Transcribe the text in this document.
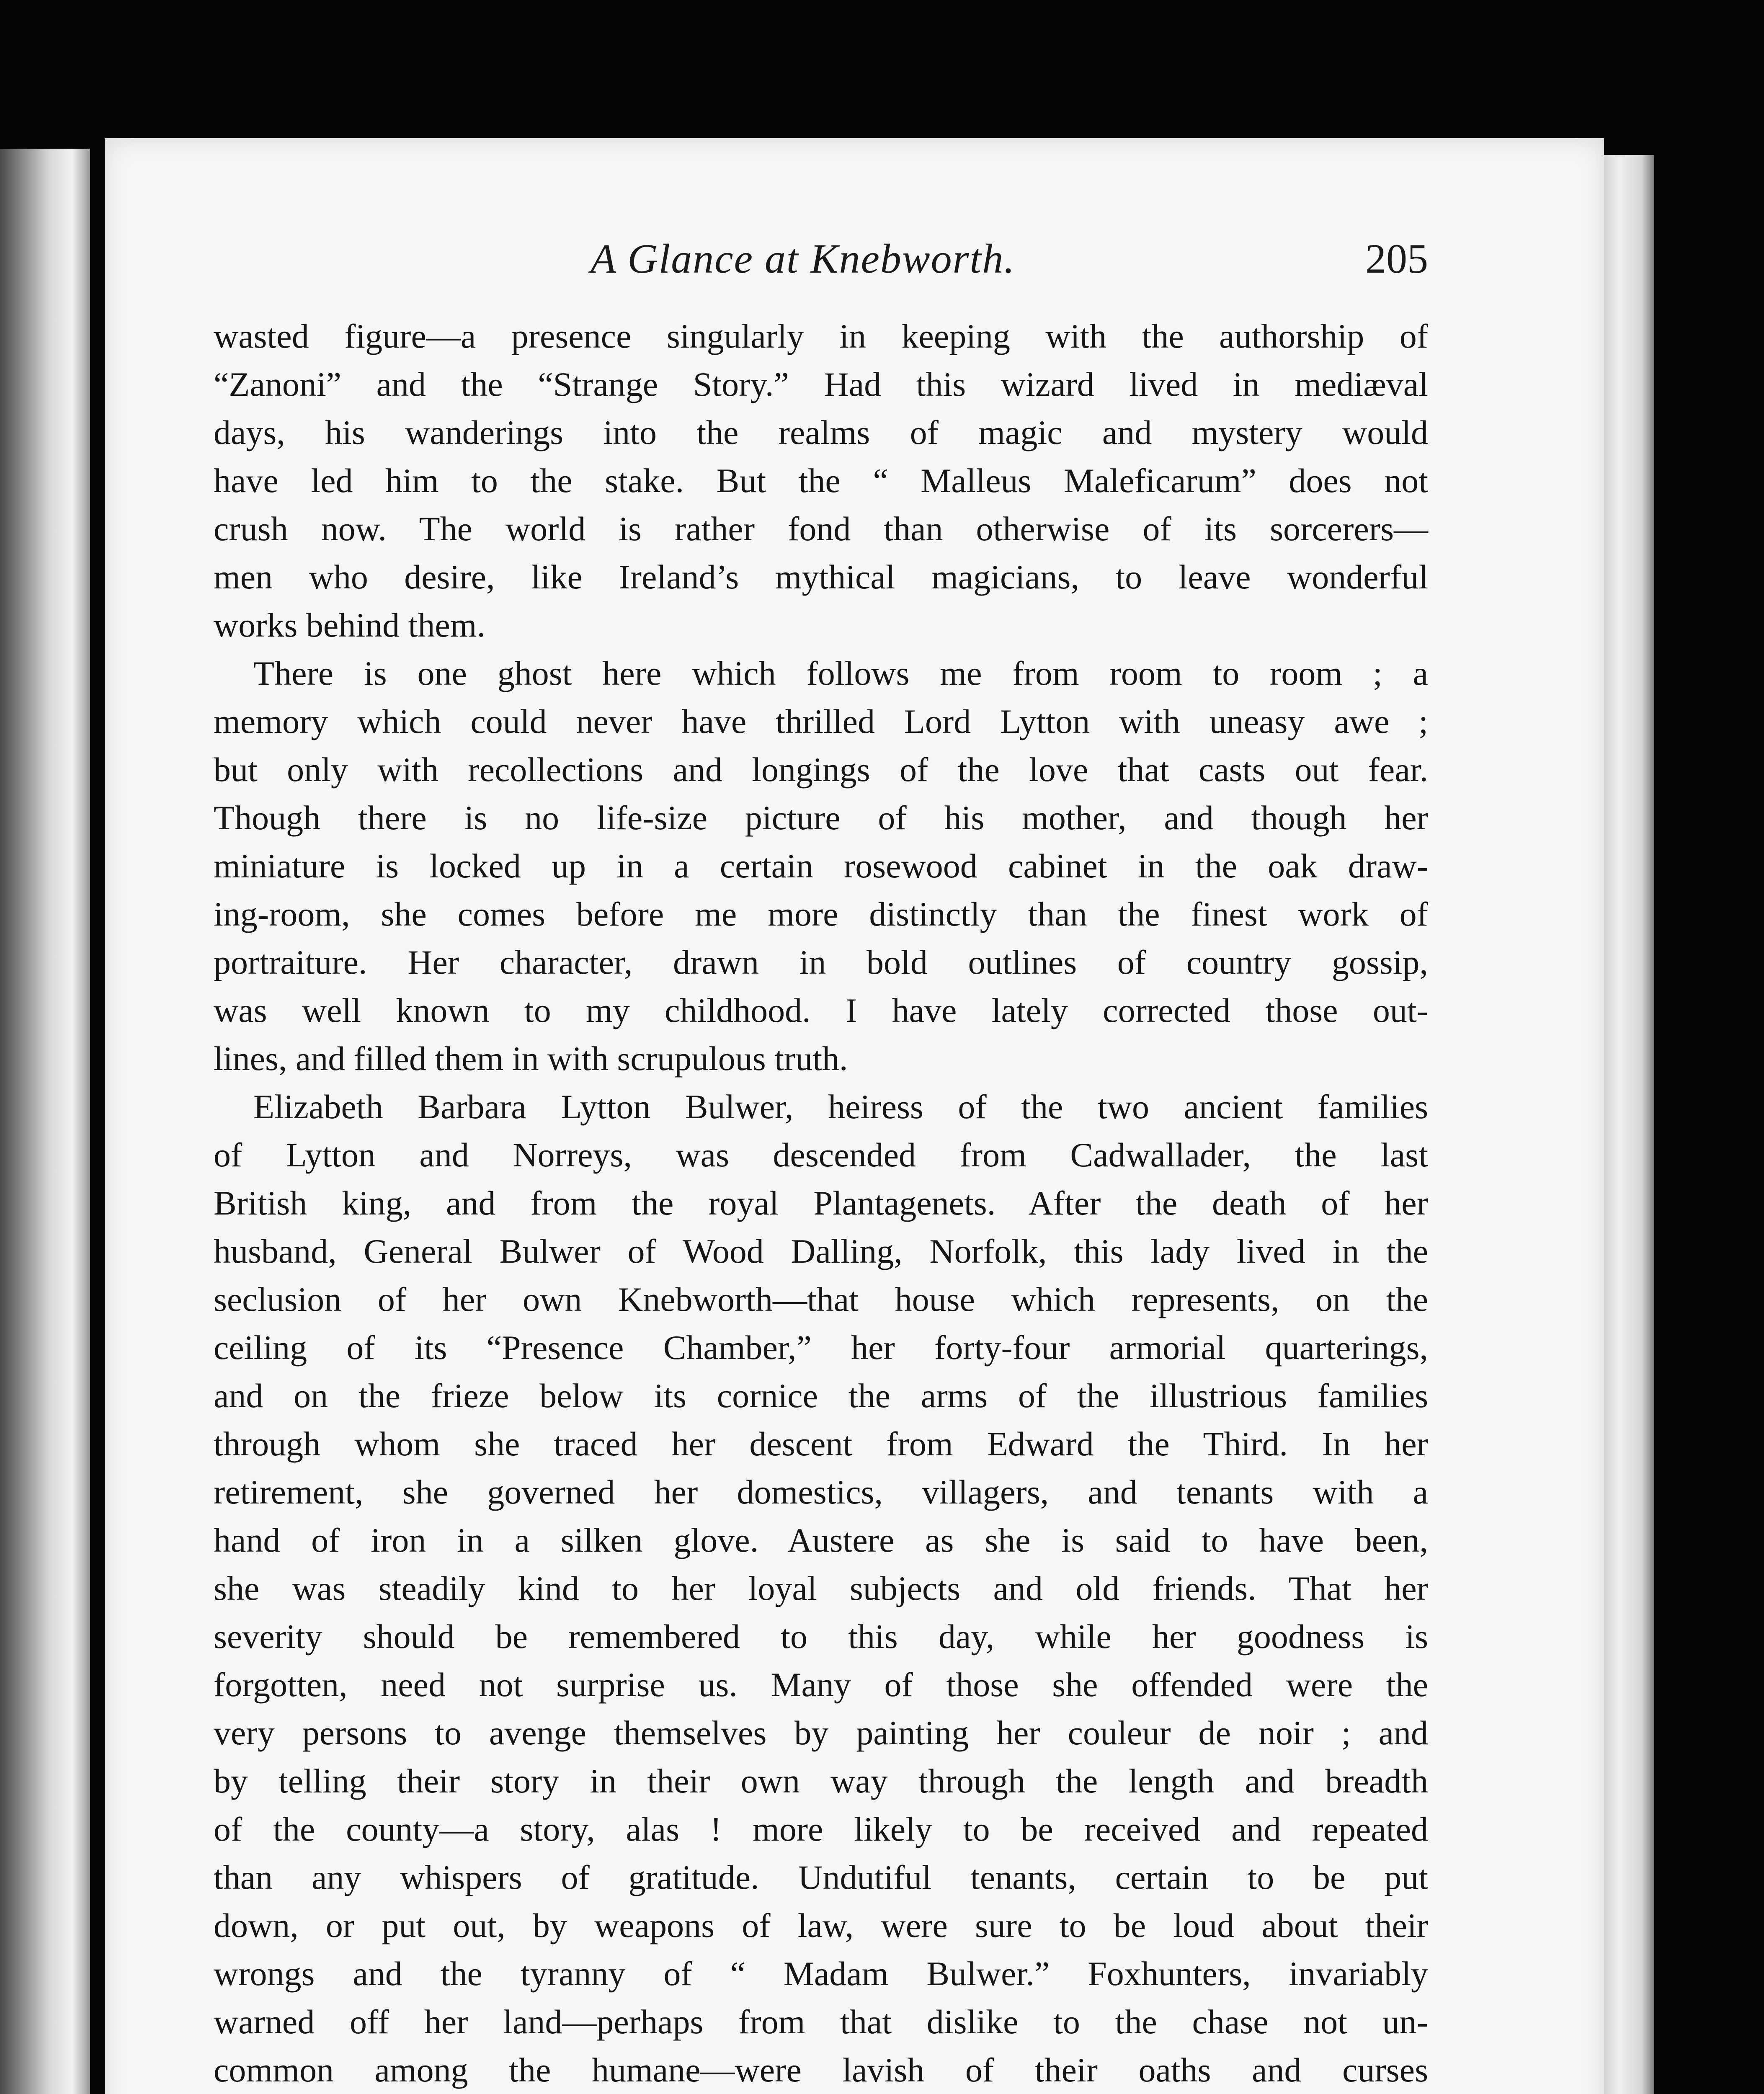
A Glance at Knebworth.	205
wasted figure—a presence singularly in keeping with the authorship of
“Zanoni” and the “Strange Story.” Had this wizard lived in mediæval
days, his wanderings into the realms of magic and mystery would
have led him to the stake. But the “ Malleus Maleficarum” does not
crush now. The world is rather fond than otherwise of its sorcerers—
men who desire, like Ireland’s mythical magicians, to leave wonderful
works behind them.
There is one ghost here which follows me from room to room ; a
memory which could never have thrilled Lord Lytton with uneasy awe ;
but only with recollections and longings of the love that casts out fear.
Though there is no life-size picture of his mother, and though her
miniature is locked up in a certain rosewood cabinet in the oak draw-
ing-room, she comes before me more distinctly than the finest work of
portraiture. Her character, drawn in bold outlines of country gossip,
was well known to my childhood. I have lately corrected those out-
lines, and filled them in with scrupulous truth.
Elizabeth Barbara Lytton Bulwer, heiress of the two ancient families
of Lytton and Norreys, was descended from Cadwallader, the last
British king, and from the royal Plantagenets. After the death of her
husband, General Bulwer of Wood Dalling, Norfolk, this lady lived in the
seclusion of her own Knebworth—that house which represents, on the
ceiling of its “Presence Chamber,” her forty-four armorial quarterings,
and on the frieze below its cornice the arms of the illustrious families
through whom she traced her descent from Edward the Third. In her
retirement, she governed her domestics, villagers, and tenants with a
hand of iron in a silken glove. Austere as she is said to have been,
she was steadily kind to her loyal subjects and old friends. That her
severity should be remembered to this day, while her goodness is
forgotten, need not surprise us. Many of those she offended were the
very persons to avenge themselves by painting her couleur de noir ; and
by telling their story in their own way through the length and breadth
of the county—a story, alas ! more likely to be received and repeated
than any whispers of gratitude. Undutiful tenants, certain to be put
down, or put out, by weapons of law, were sure to be loud about their
wrongs and the tyranny of “ Madam Bulwer.” Foxhunters, invariably
warned off her land—perhaps from that dislike to the chase not un-
common among the humane—were lavish of their oaths and curses
